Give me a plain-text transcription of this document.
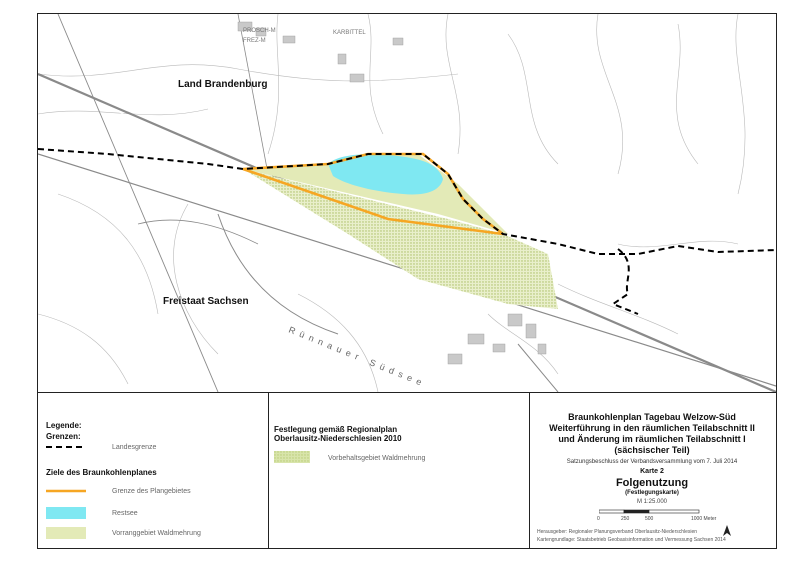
Land Brandenburg
Freistaat Sachsen
Rünnauer Südsee
PROSCH-M
FREZ-M
KARBITTEL
Legende:
Grenzen:
Landesgrenze
Ziele des Braunkohlenplanes
Grenze des Plangebietes
Restsee
Vorranggebiet Waldmehrung
Festlegung gemäß Regionalplan
Oberlausitz-Niederschlesien 2010
Vorbehaltsgebiet Waldmehrung
Braunkohlenplan Tagebau Welzow-Süd
Weiterführung in den räumlichen Teilabschnitt II
und Änderung im räumlichen Teilabschnitt I
(sächsischer Teil)
Satzungsbeschluss der Verbandsversammlung vom 7. Juli 2014
Karte 2
Folgenutzung
(Festlegungskarte)
M 1:25.000
0	250	500	1000 Meter
Herausgeber: Regionaler Planungsverband Oberlausitz-Niederschlesien
Kartengrundlage: Staatsbetrieb Geobasisinformation und Vermessung Sachsen 2014
